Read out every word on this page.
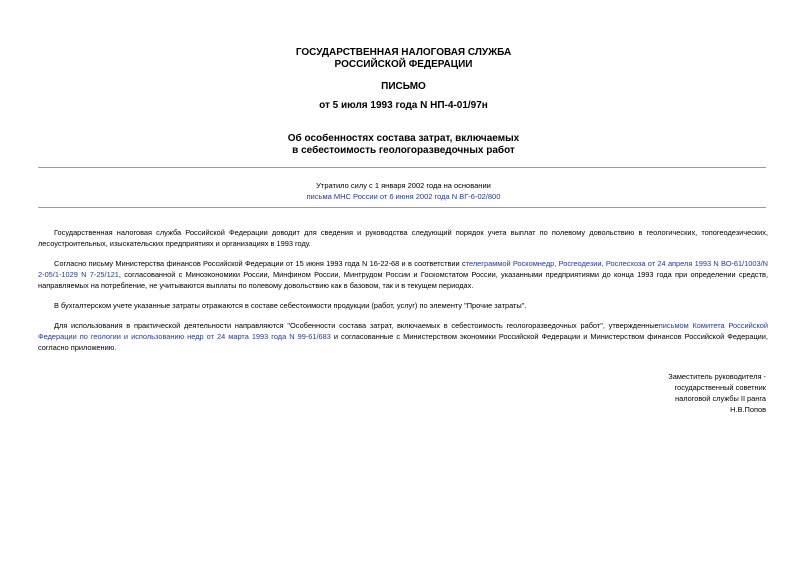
ГОСУДАРСТВЕННАЯ НАЛОГОВАЯ СЛУЖБА
РОССИЙСКОЙ ФЕДЕРАЦИИ
ПИСЬМО
от 5 июля 1993 года N НП-4-01/97н
Об особенностях состава затрат, включаемых
в себестоимость геологоразведочных работ
Утратило силу с 1 января 2002 года на основании
письма МНС России от 6 июня 2002 года N ВГ-6-02/800

Государственная налоговая служба Российской Федерации доводит для сведения и руководства следующий порядок учета выплат по полевому довольствию в геологических, топогеодезических, лесоустроительных, изыскательских предприятиях и организациях в 1993 году.

Согласно письму Министерства финансов Российской Федерации от 15 июня 1993 года N 16-22-68 и в соответствии стелеграммой Роскомнедр, Росгеодезии, Рослесхоза от 24 апреля 1993 N ВО-61/1003/N 2-05/1-1029 N 7-25/121, согласованной с Миноэкономики России, Минфином России, Минтрудом России и Госкомстатом России, указанными предприятиями до конца 1993 года при определении средств, направляемых на потребление, не учитываются выплаты по полевому довольствию как в базовом, так и в текущем периодах.

В бухгалтерском учете указанные затраты отражаются в составе себестоимости продукции (работ, услуг) по элементу "Прочие затраты".

Для использования в практической деятельности направляются "Особенности состава затрат, включаемых в себестоимость геологоразведочных работ", утвержденныеписьмом Комитета Российской Федерации по геологии и использованию недр от 24 марта 1993 года N 99-61/683 и согласованные с Министерством экономики Российской Федерации и Министерством финансов Российской Федерации, согласно приложению.

Заместитель руководителя -
государственный советник
налоговой службы II ранга
Н.В.Попов
